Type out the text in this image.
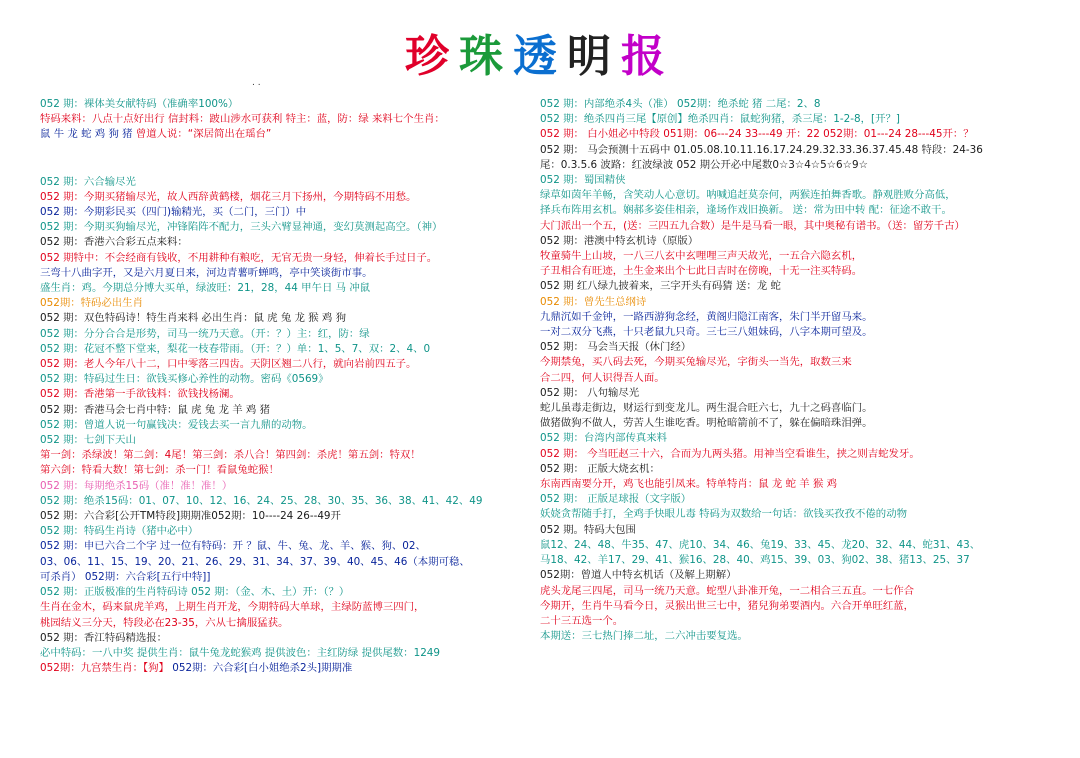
珍珠透明报
. .
052 期：裸体美女献特码（准确率100%）
特码来料：八点十点好出行 信封料：跛山涉水可获利 特主：蓝，防：绿 来料七个生肖：
鼠 牛 龙 蛇 鸡 狗 猪 曾道人说：“深居简出在瑶台”
052 期：六合输尽光
052 期：今期买猪输尽光，故人西辞黄鹤楼，烟花三月下扬州，今期特码不用愁。
052 期：今期彩民买（四门)输精光，买（二门，三门）中
052 期：今期买狗输尽光，冲锋陷阵不配力，三头六臂显神通，变幻莫测起高空。（神）
052 期：香港六合彩五点来料：
052 期特中：不会经商有钱收，不用耕种有粮吃，无官无贵一身轻，伸着长手过日子。
三弯十八曲字开，又是六月夏日来，河边青薯听蝉鸣，亭中笑谈街市事。
盛生肖：鸡。今期总分博大买单，绿波旺：21，28，44 甲午日 马 冲鼠
052期：特码必出生肖
052 期：双色特码诗！特生肖来料 必出生肖：鼠 虎 兔 龙 猴 鸡 狗
052 期：分分合合是形势，司马一统乃天意。（开：？）主：红，防：绿
052 期：花冠不整下堂来，梨花一枝春带雨。（开：？）单：1、5、7、双：2、4、0
052 期：老人今年八十二，口中零落三四齿。天阴区翘二八行，就向岩前四五子。
052 期：特码过生日：欲钱买修心养性的动物。密码《0569》
052 期：香港第一手欲钱料：欲钱找杨澜。
052 期：香港马会七肖中特：鼠 虎 兔 龙 羊 鸡 猪
052 期：曾道人说一句赢钱决：爱钱去买一言九鼎的动物。
052 期：七剑下天山
第一剑：杀绿波！第二剑：4尾！第三剑：杀八合！第四剑：杀虎！第五剑：特双！
第六剑：特看大数！第七剑：杀一门！看鼠兔蛇猴！
052 期：每期绝杀15码（准！准！准！）
052 期：绝杀15码：01、07、10、12、16、24、25、28、30、35、36、38、41、42、49
052 期：六合彩[公开TM特段]期期准052期：10----24 26--49开
052 期：特码生肖诗（猪中必中）
052 期：申已六合二个字 过一位有特码：开 ？鼠、牛、兔、龙、羊、猴、狗、02、
03、06、11、15、19、20、21、26、29、31、34、37、39、40、45、46（本期可稳、
可杀肖） 052期：六合彩[五行中特]]
052 期：正版极准的生肖特码诗 052 期：（金、木、土）开：（？）
生肖在金木，码来鼠虎羊鸡，上期生肖开龙，今期特码大单球，主绿防蓝博三四门，
桃园结义三分天，特段必在23-35，六从七擒服猛获。
052 期：香江特码精选报：
必中特码：一八中奖 提供生肖：鼠牛兔龙蛇猴鸡 提供波色：主红防绿 提供尾数：1249
052期：九宫禁生肖：【狗】 052期：六合彩[白小姐绝杀2头]期期准
052 期：内部绝杀4头（准） 052期：绝杀蛇 猪 二尾：2、8
052 期：绝杀四肖三尾【原创】绝杀四肖：鼠蛇狗猪，杀三尾：1-2-8，[开？]
052 期： 白小姐必中特段 051期：06---24 33---49 开：22 052期：01---24 28---45开：？
052 期： 马会预测十五码中 01.05.08.10.11.16.17.24.29.32.33.36.37.45.48 特段：24-36
尾：0.3.5.6 波路：红波绿波 052 期公开必中尾数0☆3☆4☆5☆6☆9☆
052 期：蜀国精侠
绿草如茵年羊畅，含笑动人心意切。呐喊追赶莫奈何，两猴连拍舞香歌。静观胜败分高低，
择兵布阵用玄机。娴郝多姿佳相亲，逢场作戏旧换新。 送：常为田中转 配：征途不敢干。
大门派出一个五，(送：三四五九合数）是牛是马看一眼，其中奥秘有谱书。（送：留芳千古）
052 期：港澳中特玄机诗（原版）
牧童骑牛上山坡，一八三八玄中玄哩哩三声天故光，一五合六隐玄机，
子丑相合有旺迹，土生金来出个七此日吉时在傍晚，十无一注买特码。
052 期 红八绿九披着来，三字开头有码猜 送：龙 蛇
052 期：曾先生总纲诗
九鼎沉如千金钟，一路西游狗念经，黄阁归隐江南客，朱门半开留马来。
一对二双分飞燕，十只老鼠九只奇。三七三八姐妹码，八字本期可望及。
052 期： 马会当天报（休门经）
今期禁兔，买八码去死，今期买兔输尽光，字街头一当先，取数三来
合二四，何人识得吾人面。
052 期： 八句输尽光
蛇儿虽毒走街边，财运行到变龙儿。两生混合旺六七，九十之码喜临门。
做猪做狗不做人，劳苦人生谁吃香。明枪暗箭前不了，躲在偏暗珠泪弹。
052 期：台湾内部传真来料
052 期： 今当旺赵三十六，合而为九两头猪。用神当空看谁生，挟之则吉蛇发牙。
052 期： 正版大烧玄机：
东南西南要分开，鸡飞也能引凤来。特单特肖：鼠 龙 蛇 羊 猴 鸡
052 期： 正版足球报（文字版）
妖娆贪帮随手打，全鸡手快眼儿毒 特码为双数给一句话：欲钱买孜孜不倦的动物
052 期。特码大包围
鼠12、24、48、牛35、47、虎10、34、46、兔19、33、45、龙20、32、44、蛇31、43、
马18、42、羊17、29、41、猴16、28、40、鸡15、39、03、狗02、38、猪13、25、37
052期：曾道人中特玄机话（及解上期解）
虎头龙尾三四尾，司马一统乃天意。蛇型八卦准开兔，一二相合三五直。一七作合
今期开，生肖牛马看今日，灵猴出世三七中，猪兒狗弟要酒内。六合开单旺红蓝，
二十三五选一个。
本期送：三七热门捧二址，二六冲击要复选。
